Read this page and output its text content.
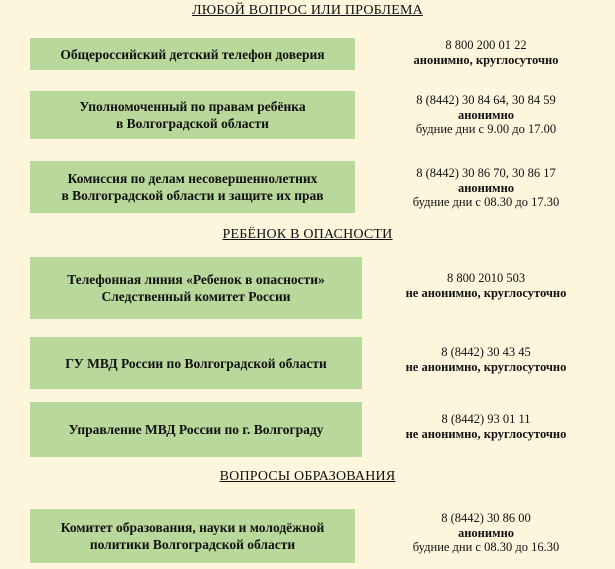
ЛЮБОЙ ВОПРОС ИЛИ ПРОБЛЕМА
Общероссийский детский телефон доверия
8 800 200 01 22
анонимно, круглосуточно
Уполномоченный по правам ребёнка
в Волгоградской области
8 (8442) 30 84 64, 30 84 59
анонимно
будние дни с 9.00 до 17.00
Комиссия по делам несовершеннолетних
в Волгоградской области и защите их прав
8 (8442) 30 86 70, 30 86 17
анонимно
будние дни с 08.30 до 17.30
РЕБЁНОК В ОПАСНОСТИ
Телефонная линия «Ребенок в опасности»
Следственный комитет России
8 800 2010 503
не анонимно, круглосуточно
ГУ МВД России по Волгоградской области
8 (8442) 30 43 45
не анонимно, круглосуточно
Управление МВД России по г. Волгограду
8 (8442) 93 01 11
не анонимно, круглосуточно
ВОПРОСЫ ОБРАЗОВАНИЯ
Комитет образования, науки и молодёжной
политики Волгоградской области
8 (8442) 30 86 00
анонимно
будние дни с 08.30 до 16.30
